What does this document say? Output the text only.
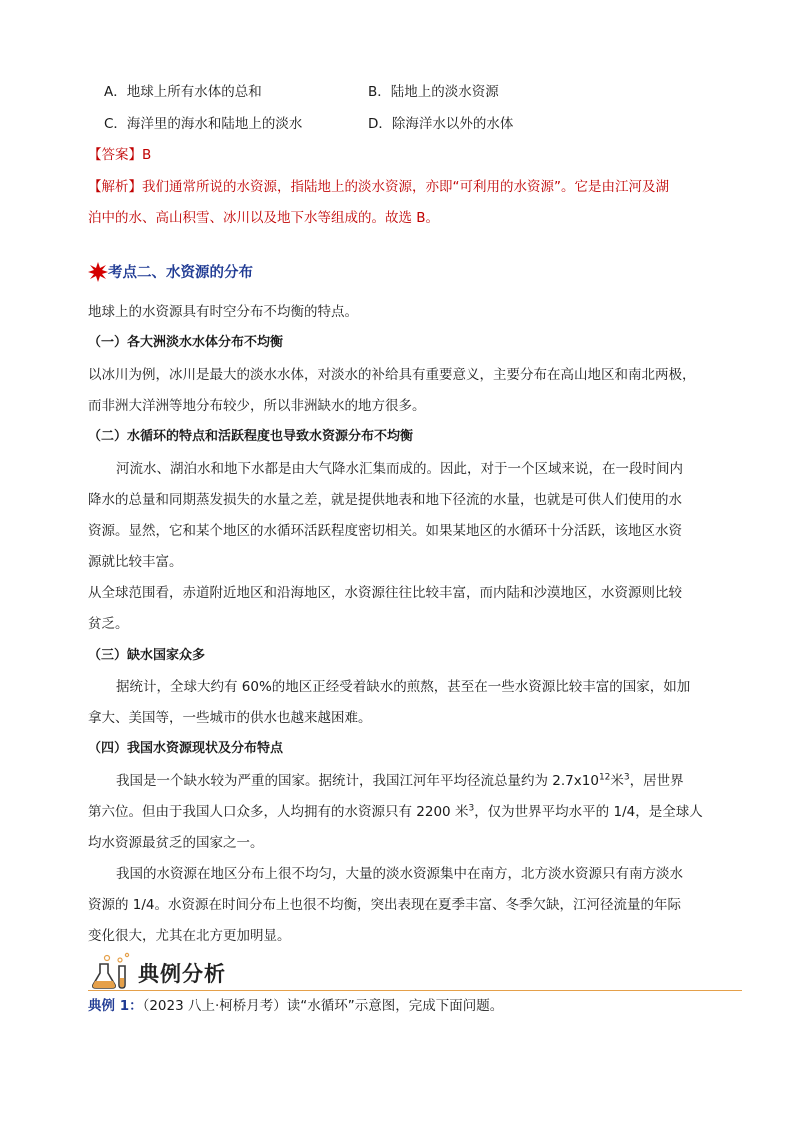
A．地球上所有水体的总和	B．陆地上的淡水资源
C．海洋里的海水和陆地上的淡水	D．除海洋水以外的水体
【答案】B
【解析】我们通常所说的水资源，指陆地上的淡水资源，亦即“可利用的水资源”。它是由江河及湖
泊中的水、高山积雪、冰川以及地下水等组成的。故选 B。
考点二、水资源的分布
地球上的水资源具有时空分布不均衡的特点。
（一）各大洲淡水水体分布不均衡
以冰川为例，冰川是最大的淡水水体，对淡水的补给具有重要意义，主要分布在高山地区和南北两极，
而非洲大洋洲等地分布较少，所以非洲缺水的地方很多。
（二）水循环的特点和活跃程度也导致水资源分布不均衡
河流水、湖泊水和地下水都是由大气降水汇集而成的。因此，对于一个区域来说，在一段时间内
降水的总量和同期蒸发损失的水量之差，就是提供地表和地下径流的水量，也就是可供人们使用的水
资源。显然，它和某个地区的水循环活跃程度密切相关。如果某地区的水循环十分活跃，该地区水资
源就比较丰富。
从全球范围看，赤道附近地区和沿海地区，水资源往往比较丰富，而内陆和沙漠地区，水资源则比较
贫乏。
（三）缺水国家众多
据统计，全球大约有 60%的地区正经受着缺水的煎熬，甚至在一些水资源比较丰富的国家，如加
拿大、美国等，一些城市的供水也越来越困难。
（四）我国水资源现状及分布特点
我国是一个缺水较为严重的国家。据统计，我国江河年平均径流总量约为 $2.7x10^{12}$米$^3$，居世界
第六位。但由于我国人口众多，人均拥有的水资源只有 2200 米$^3$，仅为世界平均水平的 1/4，是全球人
均水资源最贫乏的国家之一。
我国的水资源在地区分布上很不均匀，大量的淡水资源集中在南方，北方淡水资源只有南方淡水
资源的 1/4。水资源在时间分布上也很不均衡，突出表现在夏季丰富、冬季欠缺，江河径流量的年际
变化很大，尤其在北方更加明显。
典例分析
典例 1：（2023 八上·柯桥月考）读“水循环”示意图，完成下面问题。
